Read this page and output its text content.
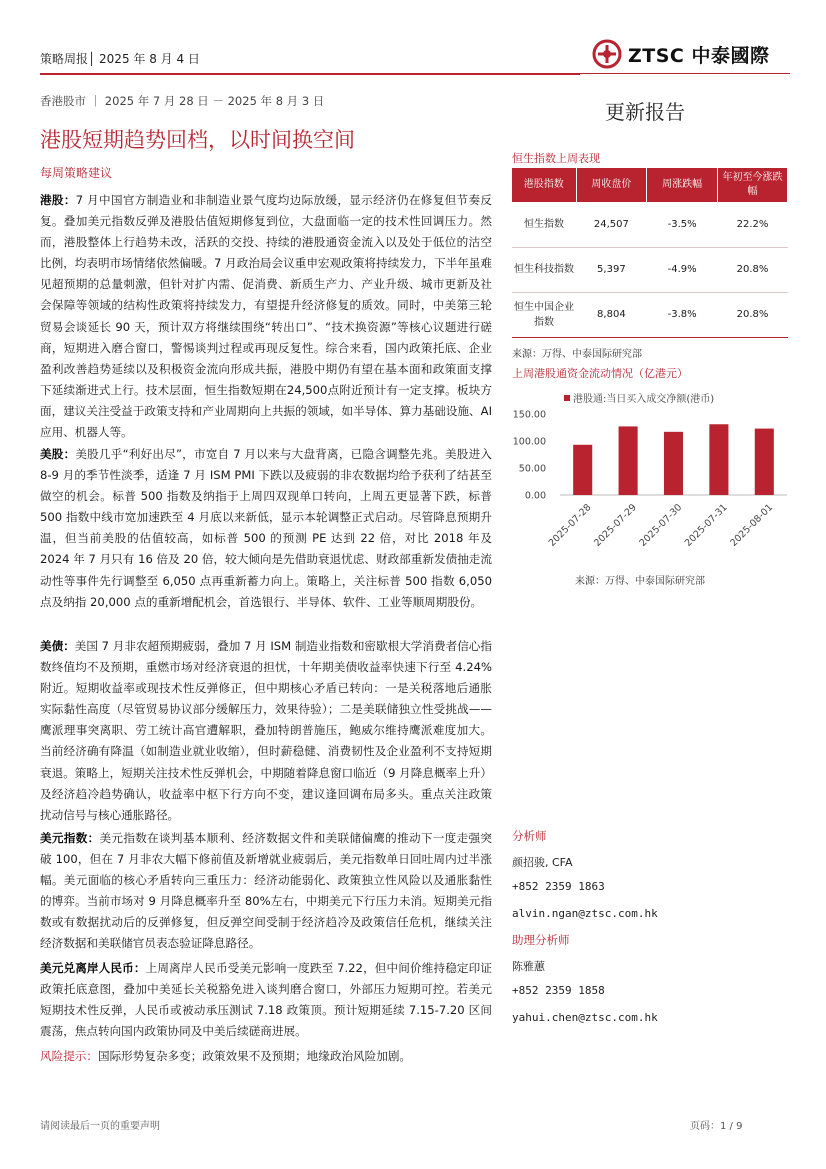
策略周报│ 2025 年 8 月 4 日	ZTSC 中泰國際
香港股市 ｜ 2025 年 7 月 28 日 － 2025 年 8 月 3 日	更新报告
港股短期趋势回档，以时间换空间
每周策略建议
港股：7 月中国官方制造业和非制造业景气度均边际放缓，显示经济仍在修复但节奏反复。叠加美元指数反弹及港股估值短期修复到位，大盘面临一定的技术性回调压力。然而，港股整体上行趋势未改，活跃的交投、持续的港股通资金流入以及处于低位的沽空比例，均表明市场情绪依然偏暖。7 月政治局会议重申宏观政策将持续发力，下半年虽难见超预期的总量刺激，但针对扩内需、促消费、新质生产力、产业升级、城市更新及社会保障等领域的结构性政策将持续发力，有望提升经济修复的质效。同时，中美第三轮贸易会谈延长 90 天，预计双方将继续围绕“转出口”、“技术换资源”等核心议题进行磋商，短期进入磨合窗口，警惕谈判过程或再现反复性。综合来看，国内政策托底、企业盈利改善趋势延续以及积极资金流向形成共振，港股中期仍有望在基本面和政策面支撑下延续渐进式上行。技术层面，恒生指数短期在24,500点附近预计有一定支撑。板块方面，建议关注受益于政策支持和产业周期向上共振的领域，如半导体、算力基础设施、AI 应用、机器人等。
美股：美股几乎“利好出尽”，市宽自 7 月以来与大盘背离，已隐含调整先兆。美股进入 8-9 月的季节性淡季，适逢 7 月 ISM PMI 下跌以及疲弱的非农数据均给予获利了结甚至做空的机会。标普 500 指数及纳指于上周四双现单口转向，上周五更显著下跌，标普 500 指数中线市宽加速跌至 4 月底以来新低，显示本轮调整正式启动。尽管降息预期升温，但当前美股的估值较高，如标普 500 的预测 PE 达到 22 倍，对比 2018 年及 2024 年 7 月只有 16 倍及 20 倍，较大倾向是先借助衰退忧虑、财政部重新发债抽走流动性等事件先行调整至 6,050 点再重新蓄力向上。策略上，关注标普 500 指数 6,050 点及纳指 20,000 点的重新增配机会，首选银行、半导体、软件、工业等顺周期股份。
美债：美国 7 月非农超预期疲弱，叠加 7 月 ISM 制造业指数和密歇根大学消费者信心指数终值均不及预期，重燃市场对经济衰退的担忧，十年期美债收益率快速下行至 4.24%附近。短期收益率或现技术性反弹修正，但中期核心矛盾已转向：一是关税落地后通胀实际黏性高度（尽管贸易协议部分缓解压力，效果待验）；二是美联储独立性受挑战——鹰派理事突离职、劳工统计高官遭解职，叠加特朗普施压，鲍威尔维持鹰派难度加大。当前经济确有降温（如制造业就业收缩），但时薪稳健、消费韧性及企业盈利不支持短期衰退。策略上，短期关注技术性反弹机会，中期随着降息窗口临近（9 月降息概率上升）及经济趋冷趋势确认，收益率中枢下行方向不变，建议逢回调布局多头。重点关注政策扰动信号与核心通胀路径。
美元指数：美元指数在谈判基本顺利、经济数据文件和美联储偏鹰的推动下一度走强突破 100，但在 7 月非农大幅下修前值及新增就业疲弱后，美元指数单日回吐周内过半涨幅。美元面临的核心矛盾转向三重压力：经济动能弱化、政策独立性风险以及通胀黏性的博弈。当前市场对 9 月降息概率升至 80%左右，中期美元下行压力未消。短期美元指数或有数据扰动后的反弹修复，但反弹空间受制于经济趋冷及政策信任危机，继续关注经济数据和美联储官员表态验证降息路径。
美元兑离岸人民币：上周离岸人民币受美元影响一度跌至 7.22，但中间价维持稳定印证政策托底意图，叠加中美延长关税豁免进入谈判磨合窗口，外部压力短期可控。若美元短期技术性反弹，人民币或被动承压测试 7.18 政策顶。预计短期延续 7.15-7.20 区间震荡，焦点转向国内政策协同及中美后续磋商进展。
风险提示：国际形势复杂多变；政策效果不及预期；地缘政治风险加剧。
恒生指数上周表现
港股指数	周收盘价	周涨跌幅	年初至今涨跌幅
恒生指数	24,507	-3.5%	22.2%
恒生科技指数	5,397	-4.9%	20.8%
恒生中国企业指数	8,804	-3.8%	20.8%
来源：万得、中泰国际研究部
上周港股通资金流动情况（亿港元）
港股通:当日买入成交净额(港币)
0.00
50.00
100.00
150.00
2025-07-28
2025-07-29
2025-07-30
2025-07-31
2025-08-01
来源：万得、中泰国际研究部
分析师
颜招骏, CFA
+852 2359 1863
alvin.ngan@ztsc.com.hk
助理分析师
陈雅蕙
+852 2359 1858
yahui.chen@ztsc.com.hk
请阅读最后一页的重要声明	页码：1 / 9
